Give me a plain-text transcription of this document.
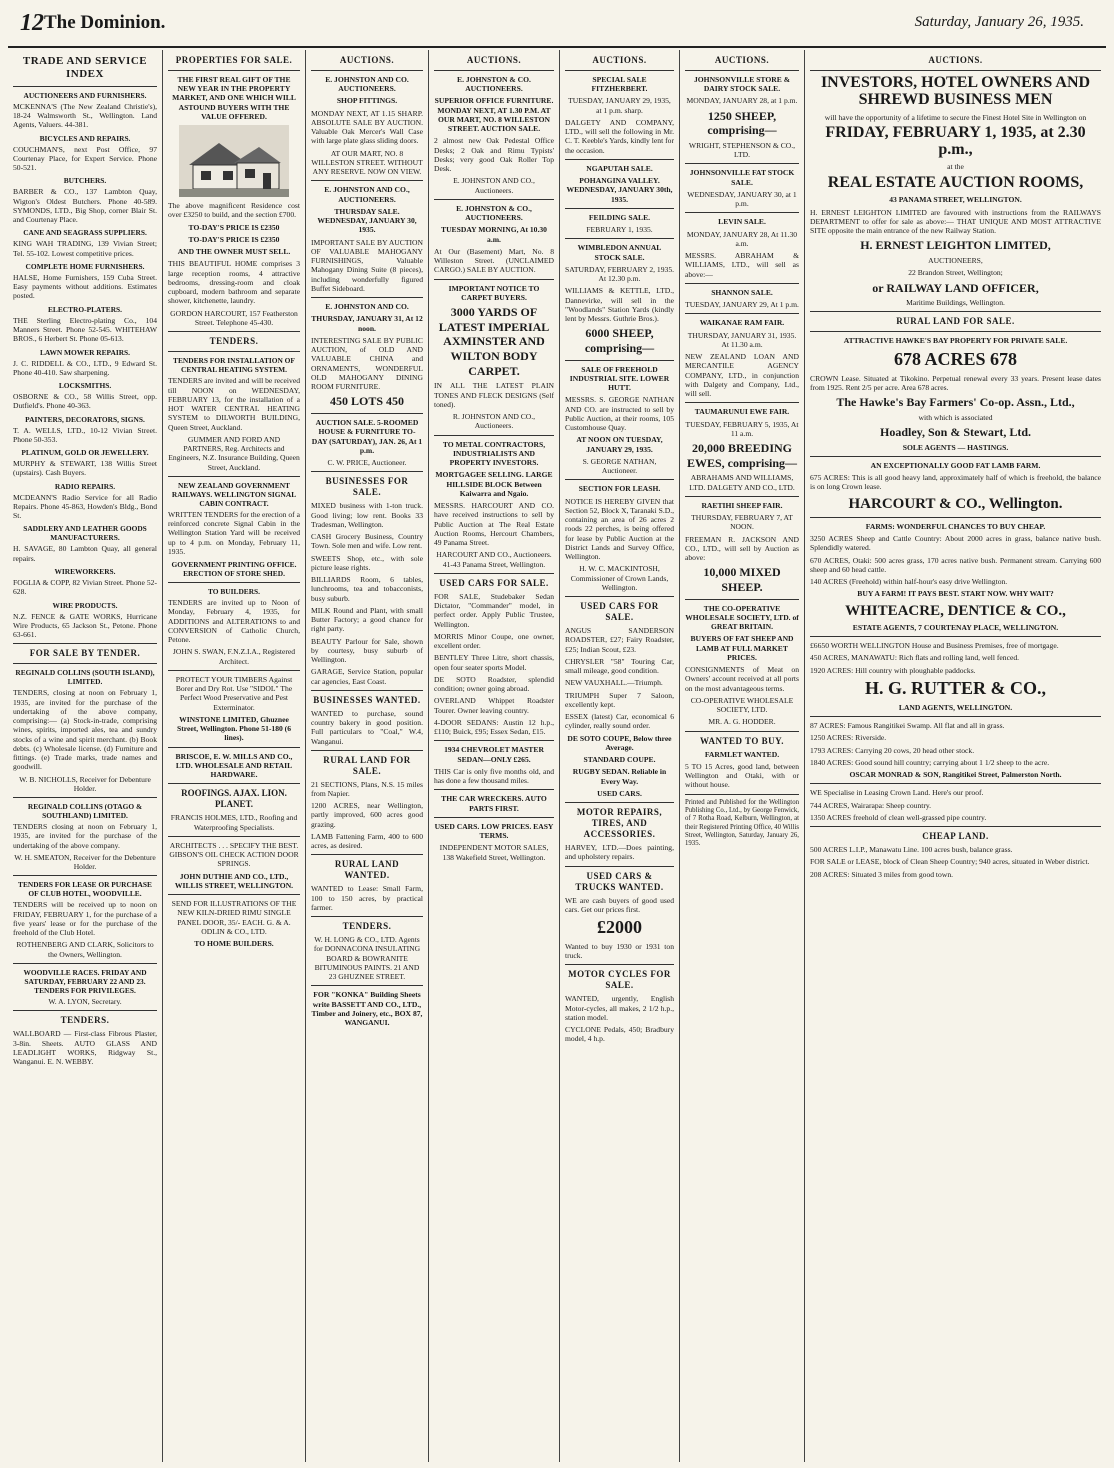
12 The Dominion.	Saturday, January 26, 1935.
TRADE AND SERVICE INDEX
AUCTIONEERS AND FURNISHERS.

MCKENNA'S (The New Zealand Christie's), 18-24 Walmsworth St., Wellington. Land Agents, Valuers. 44-381.

BICYCLES AND REPAIRS.

COUCHMAN'S, next Post Office, 97 Courtenay Place, for Expert Service. Phone 50-521.

BUTCHERS.

BARBER & CO., 137 Lambton Quay, Wigton's Oldest Butchers. Phone 40-589. SYMONDS, LTD., Big Shop, corner Blair St. and Courtenay Place.

CANE AND SEAGRASS SUPPLIERS.

KING WAH TRADING, 139 Vivian Street; Tel. 55-102. Lowest competitive prices.

COMPLETE HOME FURNISHERS.

HALSE, Home Furnishers, 159 Cuba Street. Easy payments without additions. Estimates posted.

ELECTRO-PLATERS.

THE Sterling Electro-plating Co., 104 Manners Street. Phone 52-545. WHITEHAW BROS., 6 Herbert St. Phone 05-613.

LAWN MOWER REPAIRS.

J. C. RIDDELL & CO., LTD., 9 Edward St. Phone 40-410. Saw sharpening.

LOCKSMITHS.

OSBORNE & CO., 58 Willis Street, opp. Dutfield's. Phone 40-363.

PAINTERS, DECORATORS, SIGNS.

T. A. WELLS, LTD., 10-12 Vivian Street. Phone 50-353.

PLATINUM, GOLD OR JEWELLERY.

MURPHY & STEWART, 138 Willis Street (upstairs). Cash Buyers.

RADIO REPAIRS.

MCDEANN'S Radio Service for all Radio Repairs. Phone 45-863, Howden's Bldg., Bond St.

SADDLERY AND LEATHER GOODS MANUFACTURERS.

H. SAVAGE, 80 Lambton Quay, all general repairs.

WIREWORKERS.

FOGLIA & COPP, 82 Vivian Street. Phone 52-628.

WIRE PRODUCTS.

N.Z. FENCE & GATE WORKS, Hurricane Wire Products, 65 Jackson St., Petone. Phone 63-661.

FOR SALE BY TENDER.
REGINALD COLLINS (SOUTH ISLAND), LIMITED.

TENDERS, closing at noon on February 1, 1935, are invited for the purchase of the undertaking of the above company, comprising:— (a) Stock-in-trade, comprising wines, spirits, imported ales, tea and sundry stocks of a wine and spirit merchant. (b) Book debts. (c) Wholesale license. (d) Furniture and fittings. (e) Trade marks, trade names and goodwill.

W. B. NICHOLLS, Receiver for Debenture Holder.

REGINALD COLLINS (OTAGO & SOUTHLAND) LIMITED.

TENDERS closing at noon on February 1, 1935, are invited for the purchase of the undertaking of the above company.

W. H. SMEATON, Receiver for the Debenture Holder.

TENDERS FOR LEASE OR PURCHASE OF CLUB HOTEL, WOODVILLE.

TENDERS will be received up to noon on FRIDAY, FEBRUARY 1, for the purchase of a five years' lease or for the purchase of the freehold of the Club Hotel.

ROTHENBERG AND CLARK, Solicitors to the Owners, Wellington.

WOODVILLE RACES. FRIDAY AND SATURDAY, FEBRUARY 22 AND 23. TENDERS FOR PRIVILEGES.

W. A. LYON, Secretary.

TENDERS.

WALLBOARD — First-class Fibrous Plaster, 3-8in. Sheets. AUTO GLASS AND LEADLIGHT WORKS, Ridgway St., Wanganui. E. N. WEBBY.

PROPERTIES FOR SALE.

THE FIRST REAL GIFT OF THE NEW YEAR IN THE PROPERTY MARKET, AND ONE WHICH WILL ASTOUND BUYERS WITH THE VALUE OFFERED.

The above magnificent Residence cost over £3250 to build, and the section £700.

TO-DAY'S PRICE IS £2350

TO-DAY'S PRICE IS £2350

AND THE OWNER MUST SELL.

THIS BEAUTIFUL HOME comprises 3 large reception rooms, 4 attractive bedrooms, dressing-room and cloak cupboard, modern bathroom and separate shower, kitchenette, laundry.

GORDON HARCOURT, 157 Featherston Street. Telephone 45-430.

TENDERS.
TENDERS FOR INSTALLATION OF CENTRAL HEATING SYSTEM.

TENDERS are invited and will be received till NOON on WEDNESDAY, FEBRUARY 13, for the installation of a HOT WATER CENTRAL HEATING SYSTEM to DILWORTH BUILDING, Queen Street, Auckland.

GUMMER AND FORD AND PARTNERS, Reg. Architects and Engineers, N.Z. Insurance Building, Queen Street, Auckland.

NEW ZEALAND GOVERNMENT RAILWAYS. WELLINGTON SIGNAL CABIN CONTRACT.

WRITTEN TENDERS for the erection of a reinforced concrete Signal Cabin in the Wellington Station Yard will be received up to 4 p.m. on Monday, February 11, 1935.

GOVERNMENT PRINTING OFFICE. ERECTION OF STORE SHED.
TO BUILDERS.

TENDERS are invited up to Noon of Monday, February 4, 1935, for ADDITIONS and ALTERATIONS to and CONVERSION of Catholic Church, Petone.

JOHN S. SWAN, F.N.Z.I.A., Registered Architect.

PROTECT YOUR TIMBERS Against Borer and Dry Rot. Use "SIDOL" The Perfect Wood Preservative and Pest Exterminator.

WINSTONE LIMITED, Ghuznee Street, Wellington. Phone 51-180 (6 lines).

BRISCOE, E. W. MILLS AND CO., LTD. WHOLESALE AND RETAIL HARDWARE.

ROOFINGS. AJAX. LION. PLANET.

FRANCIS HOLMES, LTD., Roofing and Waterproofing Specialists.

ARCHITECTS . . . SPECIFY THE BEST. GIBSON'S OIL CHECK ACTION DOOR SPRINGS.

JOHN DUTHIE AND CO., LTD., WILLIS STREET, WELLINGTON.

SEND FOR ILLUSTRATIONS OF THE NEW KILN-DRIED RIMU SINGLE PANEL DOOR, 35/- EACH. G. & A. ODLIN & CO., LTD.

TO HOME BUILDERS.

AUCTIONS.

E. JOHNSTON AND CO. AUCTIONEERS.

SHOP FITTINGS.

MONDAY NEXT, AT 1.15 SHARP. ABSOLUTE SALE BY AUCTION. Valuable Oak Mercer's Wall Case with large plate glass sliding doors.

AT OUR MART, NO. 8 WILLESTON STREET. WITHOUT ANY RESERVE. NOW ON VIEW.

E. JOHNSTON AND CO., AUCTIONEERS.

THURSDAY SALE. WEDNESDAY, JANUARY 30, 1935.

IMPORTANT SALE BY AUCTION OF VALUABLE MAHOGANY FURNISHINGS, Valuable Mahogany Dining Suite (8 pieces), including wonderfully figured Buffet Sideboard.

E. JOHNSTON AND CO.

THURSDAY, JANUARY 31, At 12 noon.

INTERESTING SALE BY PUBLIC AUCTION, of OLD AND VALUABLE CHINA and ORNAMENTS, WONDERFUL OLD MAHOGANY DINING ROOM FURNITURE.

450 LOTS 450

AUCTION SALE. 5-ROOMED HOUSE & FURNITURE TO-DAY (SATURDAY), JAN. 26, At 1 p.m.

C. W. PRICE, Auctioneer.

BUSINESSES FOR SALE.

MIXED business with 1-ton truck. Good living; low rent. Books 33 Tradesman, Wellington.

CASH Grocery Business, Country Town. Sole men and wife. Low rent.

SWEETS Shop, etc., with sole picture lease rights.

BILLIARDS Room, 6 tables, lunchrooms, tea and tobacconists, busy suburb.

MILK Round and Plant, with small Butter Factory; a good chance for right party.

BEAUTY Parlour for Sale, shown by courtesy, busy suburb of Wellington.

GARAGE, Service Station, popular car agencies, East Coast.

BUSINESSES WANTED.

WANTED to purchase, sound country bakery in good position. Full particulars to "Coal," W.4, Wanganui.

RURAL LAND FOR SALE.

21 SECTIONS, Plans, N.S. 15 miles from Napier.

1200 ACRES, near Wellington, partly improved, 600 acres good grazing.

LAMB Fattening Farm, 400 to 600 acres, as desired.

RURAL LAND WANTED.

WANTED to Lease: Small Farm, 100 to 150 acres, by practical farmer.

TENDERS.

W. H. LONG & CO., LTD. Agents for DONNACONA INSULATING BOARD & BOWRANITE BITUMINOUS PAINTS. 21 AND 23 GHUZNEE STREET.

FOR "KONKA" Building Sheets write BASSETT AND CO., LTD., Timber and Joinery, etc., BOX 87, WANGANUI.

AUCTIONS.

E. JOHNSTON & CO. AUCTIONEERS.

SUPERIOR OFFICE FURNITURE. MONDAY NEXT, AT 1.30 P.M. AT OUR MART, NO. 8 WILLESTON STREET. AUCTION SALE.

2 almost new Oak Pedestal Office Desks; 2 Oak and Rimu Typists' Desks; very good Oak Roller Top Desk.

E. JOHNSTON AND CO., Auctioneers.

E. JOHNSTON & CO., AUCTIONEERS.

TUESDAY MORNING, At 10.30 a.m.

At Our (Basement) Mart, No. 8 Willeston Street. (UNCLAIMED CARGO.) SALE BY AUCTION.

IMPORTANT NOTICE TO CARPET BUYERS.

3000 YARDS OF LATEST IMPERIAL AXMINSTER AND WILTON BODY CARPET.

IN ALL THE LATEST PLAIN TONES AND FLECK DESIGNS (Self toned).

R. JOHNSTON AND CO., Auctioneers.

TO METAL CONTRACTORS, INDUSTRIALISTS AND PROPERTY INVESTORS.

MORTGAGEE SELLING. LARGE HILLSIDE BLOCK Between Kaiwarra and Ngaio.

MESSRS. HARCOURT AND CO. have received instructions to sell by Public Auction at The Real Estate Auction Rooms, Hercourt Chambers, 49 Panama Street.

HARCOURT AND CO., Auctioneers. 41-43 Panama Street, Wellington.

USED CARS FOR SALE.

FOR SALE, Studebaker Sedan Dictator, "Commander" model, in perfect order. Apply Public Trustee, Wellington.

MORRIS Minor Coupe, one owner, excellent order.

BENTLEY Three Litre, short chassis, open four seater sports Model.

DE SOTO Roadster, splendid condition; owner going abroad.

OVERLAND Whippet Roadster Tourer. Owner leaving country.

4-DOOR SEDANS: Austin 12 h.p., £110; Buick, £95; Essex Sedan, £15.

1934 CHEVROLET MASTER SEDAN—ONLY £265.

THIS Car is only five months old, and has done a few thousand miles.

THE CAR WRECKERS. AUTO PARTS FIRST.

USED CARS. LOW PRICES. EASY TERMS.

INDEPENDENT MOTOR SALES, 138 Wakefield Street, Wellington.

AUCTIONS.

SPECIAL SALE FITZHERBERT.

TUESDAY, JANUARY 29, 1935, at 1 p.m. sharp.

DALGETY AND COMPANY, LTD., will sell the following in Mr. C. T. Keeble's Yards, kindly lent for the occasion.

NGAPUTAH SALE.

POHANGINA VALLEY. WEDNESDAY, JANUARY 30th, 1935.

FEILDING SALE.

FEBRUARY 1, 1935.

WIMBLEDON ANNUAL STOCK SALE.

SATURDAY, FEBRUARY 2, 1935. At 12.30 p.m.

WILLIAMS & KETTLE, LTD., Dannevirke, will sell in the "Woodlands" Station Yards (kindly lent by Messrs. Guthrie Bros.).

6000 SHEEP, comprising—

SALE OF FREEHOLD INDUSTRIAL SITE. LOWER HUTT.

MESSRS. S. GEORGE NATHAN AND CO. are instructed to sell by Public Auction, at their rooms, 105 Customhouse Quay.

AT NOON ON TUESDAY, JANUARY 29, 1935.

S. GEORGE NATHAN, Auctioneer.

SECTION FOR LEASH.

NOTICE IS HEREBY GIVEN that Section 52, Block X, Taranaki S.D., containing an area of 26 acres 2 roods 22 perches, is being offered for lease by Public Auction at the District Lands and Survey Office, Wellington.

H. W. C. MACKINTOSH, Commissioner of Crown Lands, Wellington.

USED CARS FOR SALE.

ANGUS SANDERSON ROADSTER, £27; Fairy Roadster, £25; Indian Scout, £23.

CHRYSLER "58" Touring Car, small mileage, good condition.

NEW VAUXHALL.—Triumph.

TRIUMPH Super 7 Saloon, excellently kept.

ESSEX (latest) Car, economical 6 cylinder, really sound order.

DE SOTO COUPE, Below three Average.

STANDARD COUPE.

RUGBY SEDAN. Reliable in Every Way.

USED CARS.

MOTOR REPAIRS, TIRES, AND ACCESSORIES.

HARVEY, LTD.—Does painting, and upholstery repairs.

USED CARS & TRUCKS WANTED.

WE are cash buyers of good used cars. Get our prices first.

£2000

Wanted to buy 1930 or 1931 ton truck.

MOTOR CYCLES FOR SALE.

WANTED, urgently, English Motor-cycles, all makes, 2 1/2 h.p., station model.

CYCLONE Pedals, 450; Bradbury model, 4 h.p.

AUCTIONS.

JOHNSONVILLE STORE & DAIRY STOCK SALE.

MONDAY, JANUARY 28, at 1 p.m.

1250 SHEEP, comprising—

WRIGHT, STEPHENSON & CO., LTD.

JOHNSONVILLE FAT STOCK SALE.

WEDNESDAY, JANUARY 30, at 1 p.m.

LEVIN SALE.

MONDAY, JANUARY 28, At 11.30 a.m.

MESSRS. ABRAHAM & WILLIAMS, LTD., will sell as above:—

SHANNON SALE.

TUESDAY, JANUARY 29, At 1 p.m.

WAIKANAE RAM FAIR.

THURSDAY, JANUARY 31, 1935. At 11.30 a.m.

NEW ZEALAND LOAN AND MERCANTILE AGENCY COMPANY, LTD., in conjunction with Dalgety and Company, Ltd., will sell.

TAUMARUNUI EWE FAIR.

TUESDAY, FEBRUARY 5, 1935, At 11 a.m.

20,000 BREEDING EWES, comprising—

ABRAHAMS AND WILLIAMS, LTD. DALGETY AND CO., LTD.

RAETIHI SHEEP FAIR.

THURSDAY, FEBRUARY 7, AT NOON.

FREEMAN R. JACKSON AND CO., LTD., will sell by Auction as above:

10,000 MIXED SHEEP.

THE CO-OPERATIVE WHOLESALE SOCIETY, LTD. of GREAT BRITAIN.

BUYERS OF FAT SHEEP AND LAMB AT FULL MARKET PRICES.

CONSIGNMENTS of Meat on Owners' account received at all ports on the most advantageous terms.

CO-OPERATIVE WHOLESALE SOCIETY, LTD.

MR. A. G. HODDER.

WANTED TO BUY.

FARMLET WANTED.

5 TO 15 Acres, good land, between Wellington and Otaki, with or without house.

Printed and Published for the Wellington Publishing Co., Ltd., by George Fenwick, of 7 Rotha Road, Kelburn, Wellington, at their Registered Printing Office, 40 Willis Street, Wellington, Saturday, January 26, 1935.

AUCTIONS.

INVESTORS, HOTEL OWNERS AND SHREWD BUSINESS MEN

will have the opportunity of a lifetime to secure the Finest Hotel Site in Wellington on

FRIDAY, FEBRUARY 1, 1935, at 2.30 p.m.,

at the

REAL ESTATE AUCTION ROOMS,

43 PANAMA STREET, WELLINGTON.

H. ERNEST LEIGHTON LIMITED are favoured with instructions from the RAILWAYS DEPARTMENT to offer for sale as above:— THAT UNIQUE AND MOST ATTRACTIVE SITE opposite the main entrance of the new Railway Station.

H. ERNEST LEIGHTON LIMITED,

AUCTIONEERS,

22 Brandon Street, Wellington;

or RAILWAY LAND OFFICER,

Maritime Buildings, Wellington.

RURAL LAND FOR SALE.

ATTRACTIVE HAWKE'S BAY PROPERTY FOR PRIVATE SALE.

678 ACRES 678

CROWN Lease. Situated at Tikokino. Perpetual renewal every 33 years. Present lease dates from 1925. Rent 2/5 per acre. Area 678 acres.

The Hawke's Bay Farmers' Co-op. Assn., Ltd.,

with which is associated

Hoadley, Son & Stewart, Ltd.

SOLE AGENTS — HASTINGS.

AN EXCEPTIONALLY GOOD FAT LAMB FARM.

675 ACRES: This is all good heavy land, approximately half of which is freehold, the balance is on long Crown lease.

HARCOURT & CO., Wellington.

FARMS: WONDERFUL CHANCES TO BUY CHEAP.

3250 ACRES Sheep and Cattle Country: About 2000 acres in grass, balance native bush. Splendidly watered.

670 ACRES, Otaki: 500 acres grass, 170 acres native bush. Permanent stream. Carrying 600 sheep and 60 head cattle.

140 ACRES (Freehold) within half-hour's easy drive Wellington.

BUY A FARM! IT PAYS BEST. START NOW. WHY WAIT?

WHITEACRE, DENTICE & CO.,

ESTATE AGENTS, 7 COURTENAY PLACE, WELLINGTON.

£6650 WORTH WELLINGTON House and Business Premises, free of mortgage.

450 ACRES, MANAWATU: Rich flats and rolling land, well fenced.

1920 ACRES: Hill country with ploughable paddocks.

H. G. RUTTER & CO.,

LAND AGENTS, WELLINGTON.

87 ACRES: Famous Rangitikei Swamp. All flat and all in grass.

1250 ACRES: Riverside.

1793 ACRES: Carrying 20 cows, 20 head other stock.

1840 ACRES: Good sound hill country; carrying about 1 1/2 sheep to the acre.

OSCAR MONRAD & SON, Rangitikei Street, Palmerston North.

WE Specialise in Leasing Crown Land. Here's our proof.

744 ACRES, Wairarapa: Sheep country.

1350 ACRES freehold of clean well-grassed pipe country.

CHEAP LAND.

500 ACRES L.I.P., Manawatu Line. 100 acres bush, balance grass.

FOR SALE or LEASE, block of Clean Sheep Country; 940 acres, situated in Weber district.

208 ACRES: Situated 3 miles from good town.
